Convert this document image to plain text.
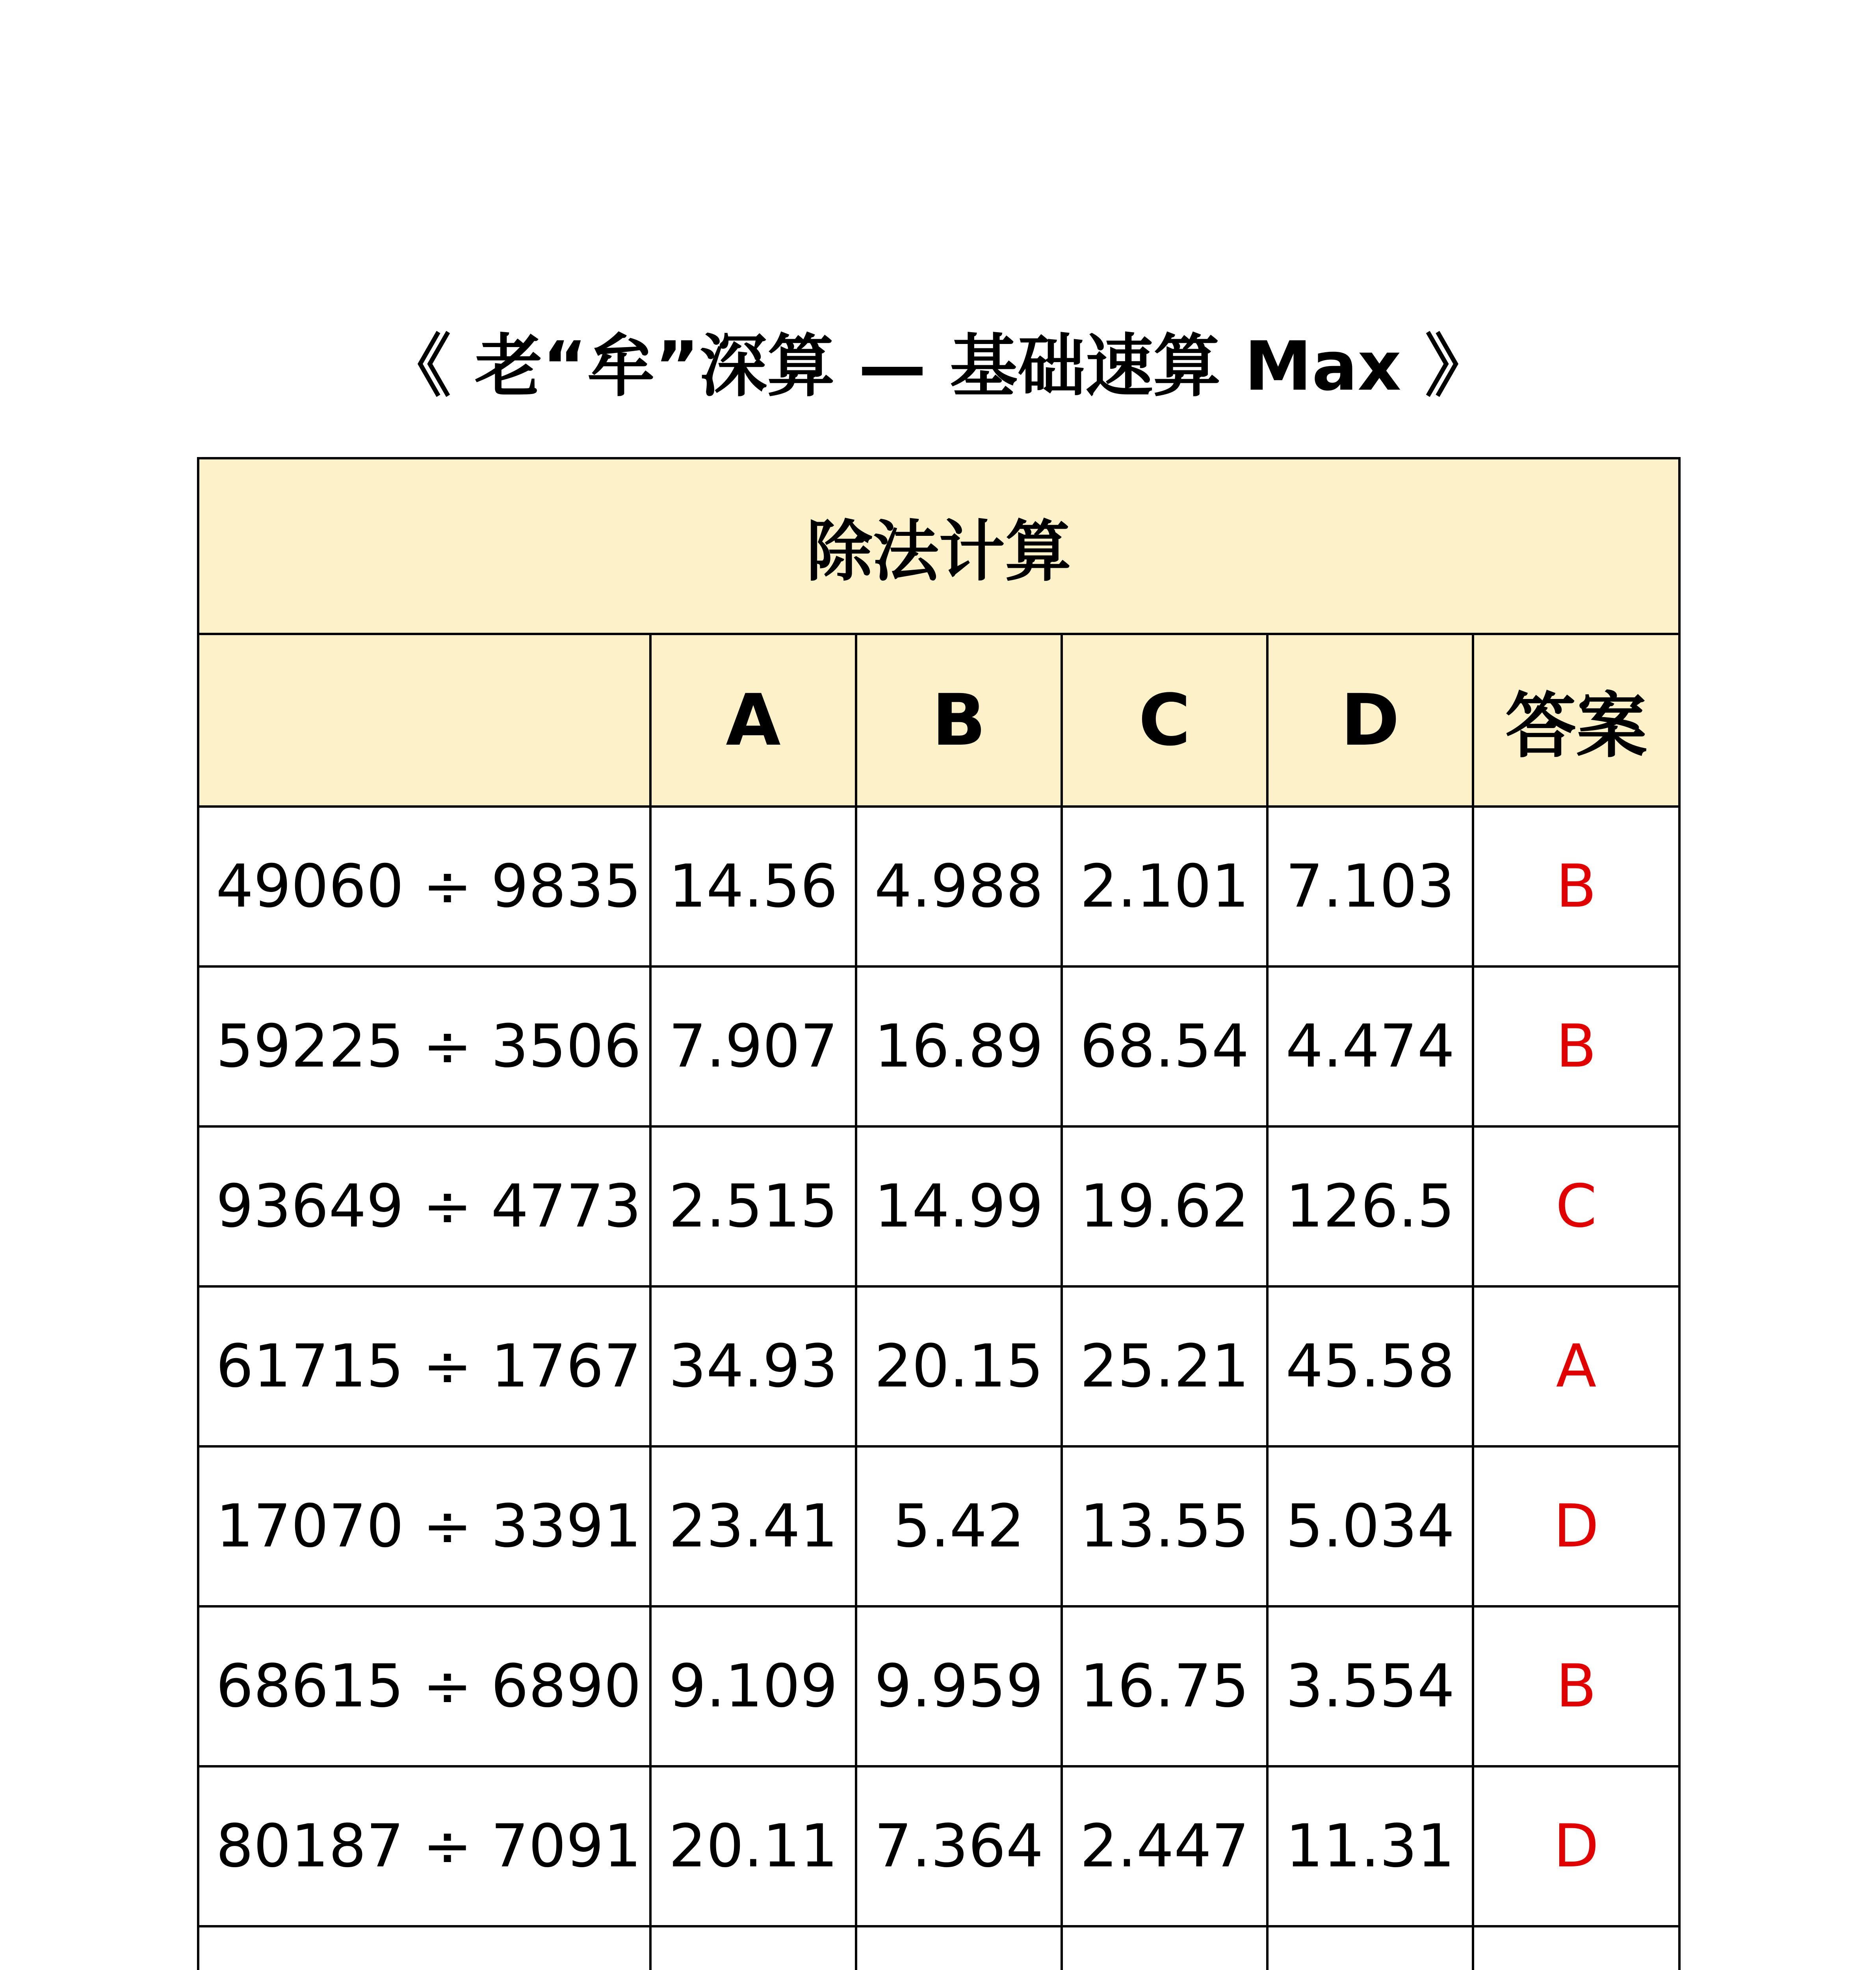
《 老“牟”深算 — 基础速算 Max 》
除法计算					
	A	B	C	D	答案
49060 ÷ 9835	14.56	4.988	2.101	7.103	B
59225 ÷ 3506	7.907	16.89	68.54	4.474	B
93649 ÷ 4773	2.515	14.99	19.62	126.5	C
61715 ÷ 1767	34.93	20.15	25.21	45.58	A
17070 ÷ 3391	23.41	5.42	13.55	5.034	D
68615 ÷ 6890	9.109	9.959	16.75	3.554	B
80187 ÷ 7091	20.11	7.364	2.447	11.31	D
